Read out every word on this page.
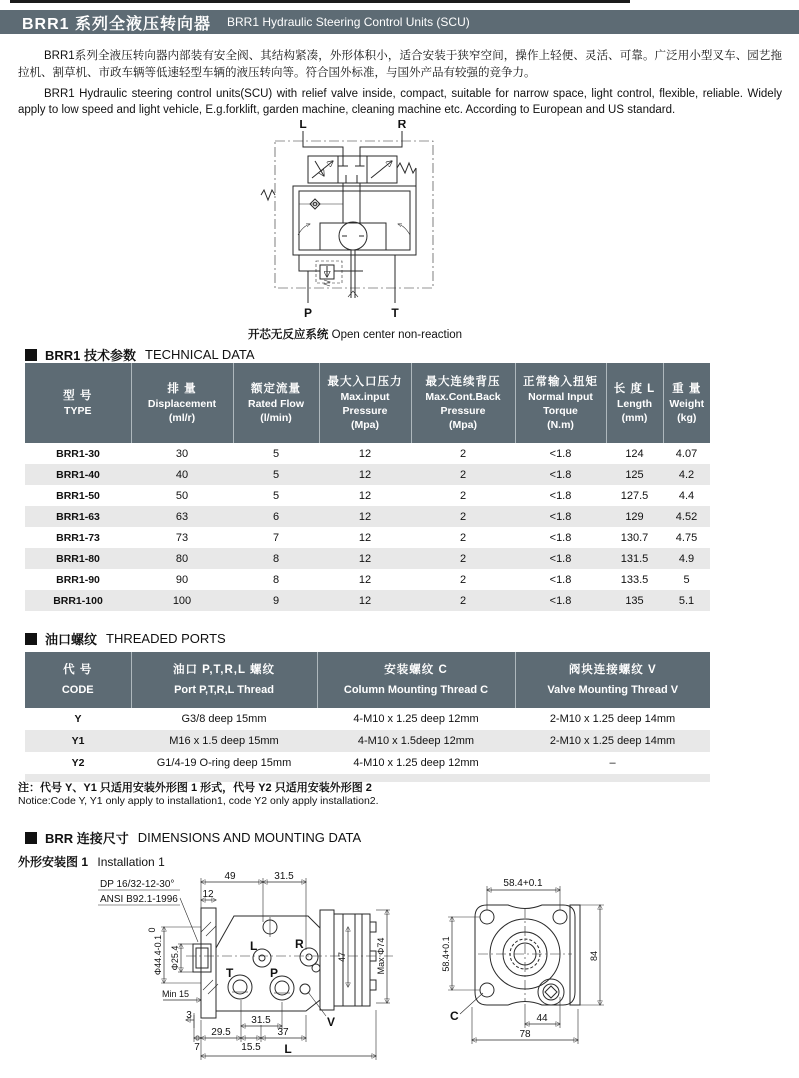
BRR1 系列全液压转向器 BRR1 Hydraulic Steering Control Units (SCU)
BRR1系列全液压转向器内部装有安全阀、其结构紧凑，外形体积小，适合安装于狭窄空间，操作上轻便、灵活、可靠。广泛用小型叉车、园艺拖拉机、割草机、市政车辆等低速轻型车辆的液压转向等。符合国外标准，与国外产品有较强的竞争力。
BRR1 Hydraulic steering control units(SCU) with relief valve inside, compact, suitable for narrow space, light control, flexible, reliable. Widely apply to low speed and light vehicle, E.g.forklift, garden machine, cleaning machine etc. According to European and US standard.
L	R
P	T
开芯无反应系统 Open center non-reaction
BRR1 技术参数 TECHNICAL DATA
型 号
TYPE

排 量
Displacement
(ml/r)

额定流量
Rated Flow
(l/min)

最大入口压力
Max.input
Pressure
(Mpa)

最大连续背压
Max.Cont.Back
Pressure
(Mpa)

正常输入扭矩
Normal Input
Torque
(N.m)

长 度 L
Length
(mm)

重 量
Weight
(kg)

BRR1-30	30	5	12	2	<1.8	124	4.07
BRR1-40	40	5	12	2	<1.8	125	4.2
BRR1-50	50	5	12	2	<1.8	127.5	4.4
BRR1-63	63	6	12	2	<1.8	129	4.52
BRR1-73	73	7	12	2	<1.8	130.7	4.75
BRR1-80	80	8	12	2	<1.8	131.5	4.9
BRR1-90	90	8	12	2	<1.8	133.5	5
BRR1-100	100	9	12	2	<1.8	135	5.1
油口螺纹 THREADED PORTS
代 号
CODE

油口 P,T,R,L 螺纹
Port P,T,R,L Thread

安装螺纹 C
Column Mounting Thread C

阀块连接螺纹 V
Valve Mounting Thread V

Y	G3/8 deep 15mm	4-M10 x 1.25 deep 12mm	2-M10 x 1.25 deep 14mm
Y1	M16 x 1.5 deep 15mm	4-M10 x 1.5deep 12mm	2-M10 x 1.25 deep 14mm
Y2	G1/4-19 O-ring deep 15mm	4-M10 x 1.25 deep 12mm	–
注：代号 Y、Y1 只适用安装外形图 1 形式，代号 Y2 只适用安装外形图 2
Notice:Code Y, Y1 only apply to installation1, code Y2 only apply installation2.
BRR 连接尺寸 DIMENSIONS AND MOUNTING DATA
外形安装图 1 Installation 1
DP 16/32-12-30°
ANSI B92.1-1996
49	31.5
12
0
Φ44.4-0.1 Φ25.4
Min 15
3
7
29.5
15.5
37
31.5
L
47	Max Φ74
L	R
T	P
V
58.4+0.1
58.4+0.1	84
44
78
C
